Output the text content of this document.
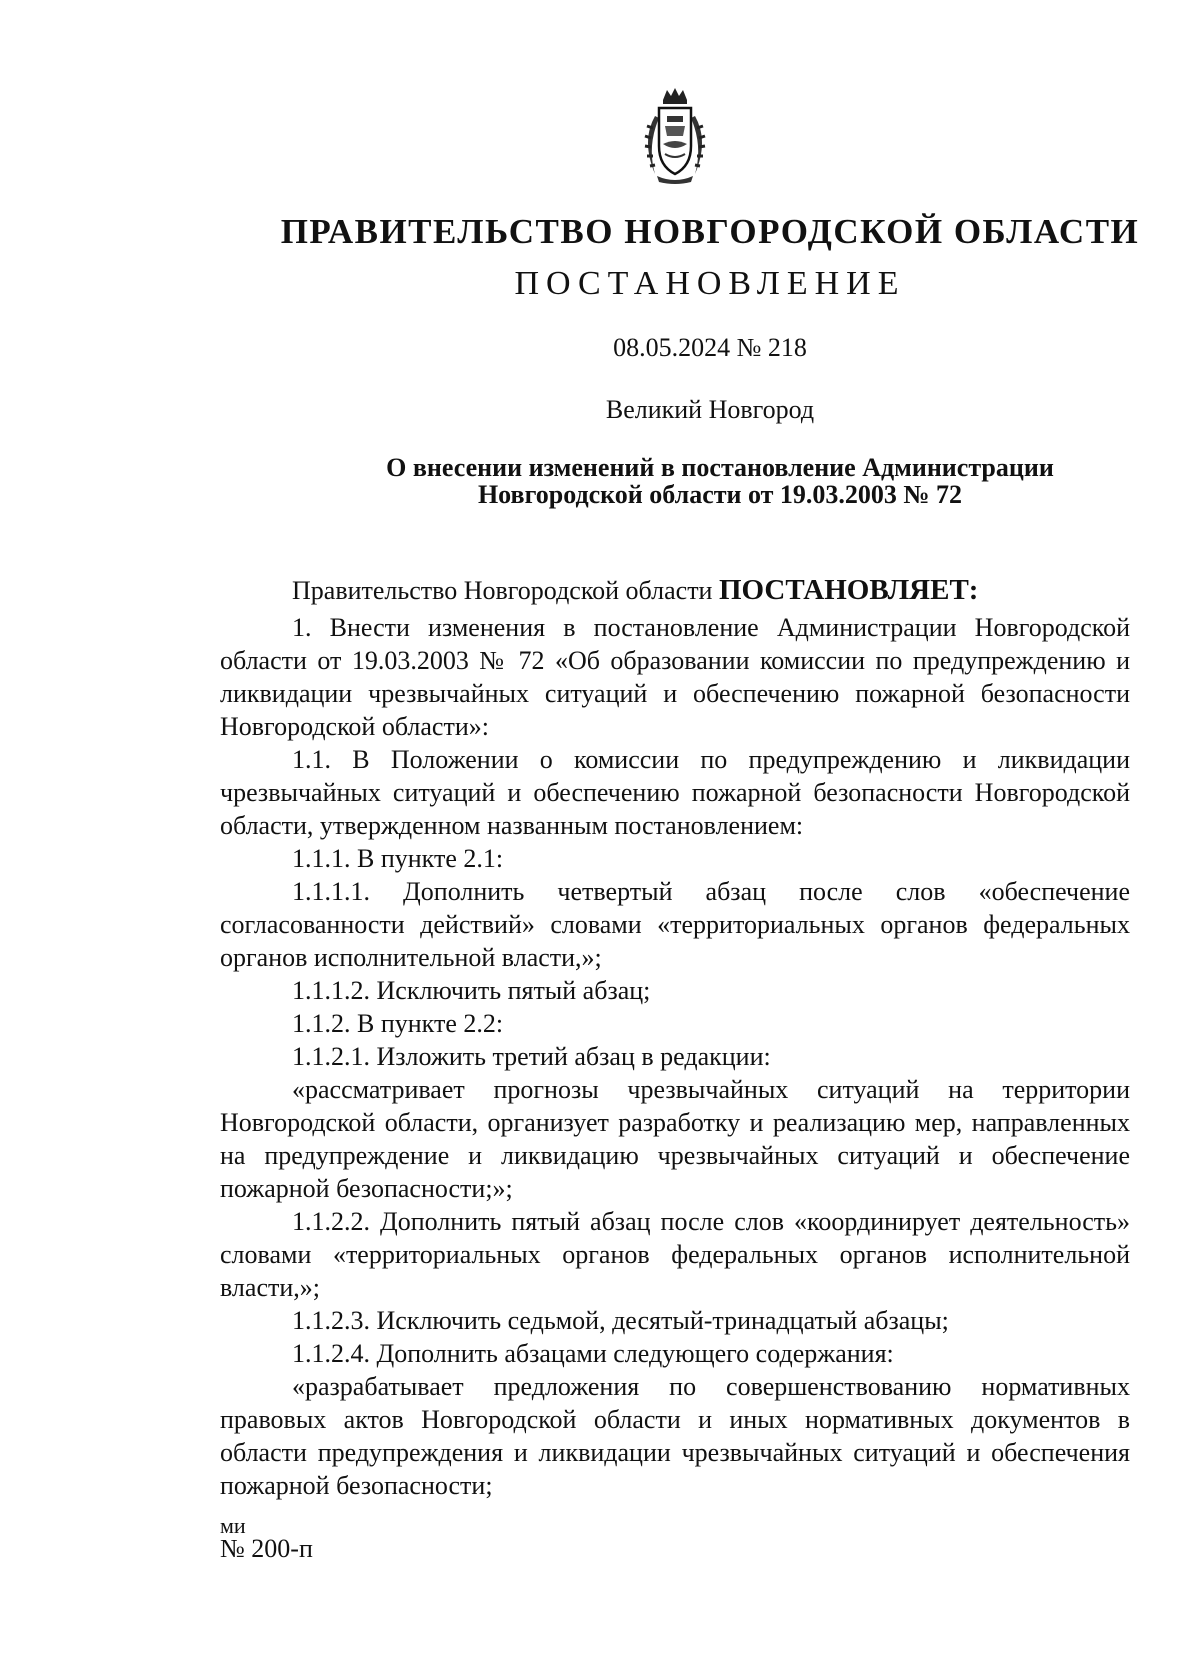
ПРАВИТЕЛЬСТВО НОВГОРОДСКОЙ ОБЛАСТИ
ПОСТАНОВЛЕНИЕ
08.05.2024 № 218
Великий Новгород
О внесении изменений в постановление Администрации
Новгородской области от 19.03.2003 № 72

Правительство Новгородской области ПОСТАНОВЛЯЕТ:

1. Внести изменения в постановление Администрации Новгородской области от 19.03.2003 № 72 «Об образовании комиссии по предупреждению и ликвидации чрезвычайных ситуаций и обеспечению пожарной безопасности Новгородской области»:

1.1. В Положении о комиссии по предупреждению и ликвидации чрезвычайных ситуаций и обеспечению пожарной безопасности Новгородской области, утвержденном названным постановлением:

1.1.1. В пункте 2.1:

1.1.1.1. Дополнить четвертый абзац после слов «обеспечение согласованности действий» словами «территориальных органов федеральных органов исполнительной власти,»;

1.1.1.2. Исключить пятый абзац;

1.1.2. В пункте 2.2:

1.1.2.1. Изложить третий абзац в редакции:

«рассматривает прогнозы чрезвычайных ситуаций на территории Новгородской области, организует разработку и реализацию мер, направленных на предупреждение и ликвидацию чрезвычайных ситуаций и обеспечение пожарной безопасности;»;

1.1.2.2. Дополнить пятый абзац после слов «координирует деятельность» словами «территориальных органов федеральных органов исполнительной власти,»;

1.1.2.3. Исключить седьмой, десятый-тринадцатый абзацы;

1.1.2.4. Дополнить абзацами следующего содержания:

«разрабатывает предложения по совершенствованию нормативных правовых актов Новгородской области и иных нормативных документов в области предупреждения и ликвидации чрезвычайных ситуаций и обеспечения пожарной безопасности;

ми
№ 200-п
